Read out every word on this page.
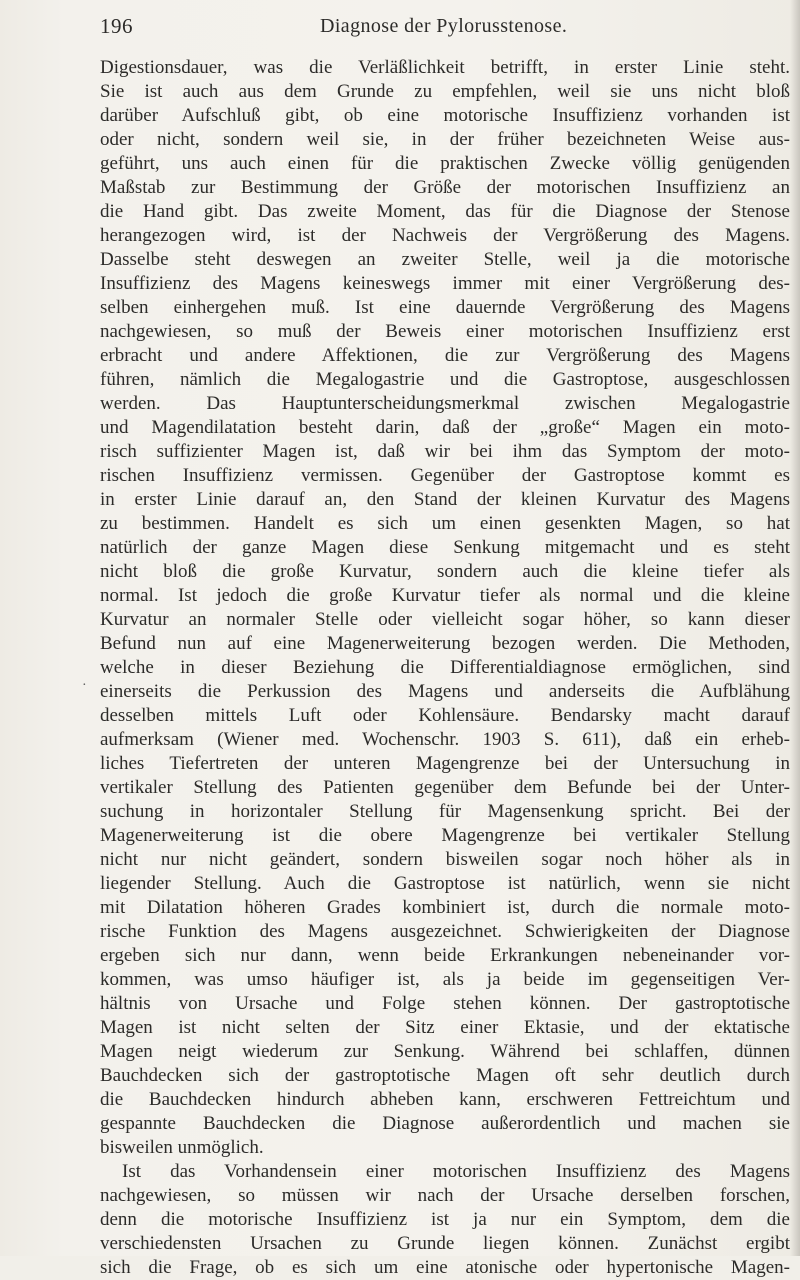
196	Diagnose der Pylorusstenose.
Digestionsdauer, was die Verläßlichkeit betrifft, in erster Linie steht.
Sie ist auch aus dem Grunde zu empfehlen, weil sie uns nicht bloß
darüber Aufschluß gibt, ob eine motorische Insuffizienz vorhanden ist
oder nicht, sondern weil sie, in der früher bezeichneten Weise aus-
geführt, uns auch einen für die praktischen Zwecke völlig genügenden
Maßstab zur Bestimmung der Größe der motorischen Insuffizienz an
die Hand gibt. Das zweite Moment, das für die Diagnose der Stenose
herangezogen wird, ist der Nachweis der Vergrößerung des Magens.
Dasselbe steht deswegen an zweiter Stelle, weil ja die motorische
Insuffizienz des Magens keineswegs immer mit einer Vergrößerung des-
selben einhergehen muß. Ist eine dauernde Vergrößerung des Magens
nachgewiesen, so muß der Beweis einer motorischen Insuffizienz erst
erbracht und andere Affektionen, die zur Vergrößerung des Magens
führen, nämlich die Megalogastrie und die Gastroptose, ausgeschlossen
werden. Das Hauptunterscheidungsmerkmal zwischen Megalogastrie
und Magendilatation besteht darin, daß der „große“ Magen ein moto-
risch suffizienter Magen ist, daß wir bei ihm das Symptom der moto-
rischen Insuffizienz vermissen. Gegenüber der Gastroptose kommt es
in erster Linie darauf an, den Stand der kleinen Kurvatur des Magens
zu bestimmen. Handelt es sich um einen gesenkten Magen, so hat
natürlich der ganze Magen diese Senkung mitgemacht und es steht
nicht bloß die große Kurvatur, sondern auch die kleine tiefer als
normal. Ist jedoch die große Kurvatur tiefer als normal und die kleine
Kurvatur an normaler Stelle oder vielleicht sogar höher, so kann dieser
Befund nun auf eine Magenerweiterung bezogen werden. Die Methoden,
welche in dieser Beziehung die Differentialdiagnose ermöglichen, sind
einerseits die Perkussion des Magens und anderseits die Aufblähung
desselben mittels Luft oder Kohlensäure. Bendarsky macht darauf
aufmerksam (Wiener med. Wochenschr. 1903 S. 611), daß ein erheb-
liches Tiefertreten der unteren Magengrenze bei der Untersuchung in
vertikaler Stellung des Patienten gegenüber dem Befunde bei der Unter-
suchung in horizontaler Stellung für Magensenkung spricht. Bei der
Magenerweiterung ist die obere Magengrenze bei vertikaler Stellung
nicht nur nicht geändert, sondern bisweilen sogar noch höher als in
liegender Stellung. Auch die Gastroptose ist natürlich, wenn sie nicht
mit Dilatation höheren Grades kombiniert ist, durch die normale moto-
rische Funktion des Magens ausgezeichnet. Schwierigkeiten der Diagnose
ergeben sich nur dann, wenn beide Erkrankungen nebeneinander vor-
kommen, was umso häufiger ist, als ja beide im gegenseitigen Ver-
hältnis von Ursache und Folge stehen können. Der gastroptotische
Magen ist nicht selten der Sitz einer Ektasie, und der ektatische
Magen neigt wiederum zur Senkung. Während bei schlaffen, dünnen
Bauchdecken sich der gastroptotische Magen oft sehr deutlich durch
die Bauchdecken hindurch abheben kann, erschweren Fettreichtum und
gespannte Bauchdecken die Diagnose außerordentlich und machen sie
bisweilen unmöglich.
Ist das Vorhandensein einer motorischen Insuffizienz des Magens
nachgewiesen, so müssen wir nach der Ursache derselben forschen,
denn die motorische Insuffizienz ist ja nur ein Symptom, dem die
verschiedensten Ursachen zu Grunde liegen können. Zunächst ergibt
sich die Frage, ob es sich um eine atonische oder hypertonische Magen-
·
